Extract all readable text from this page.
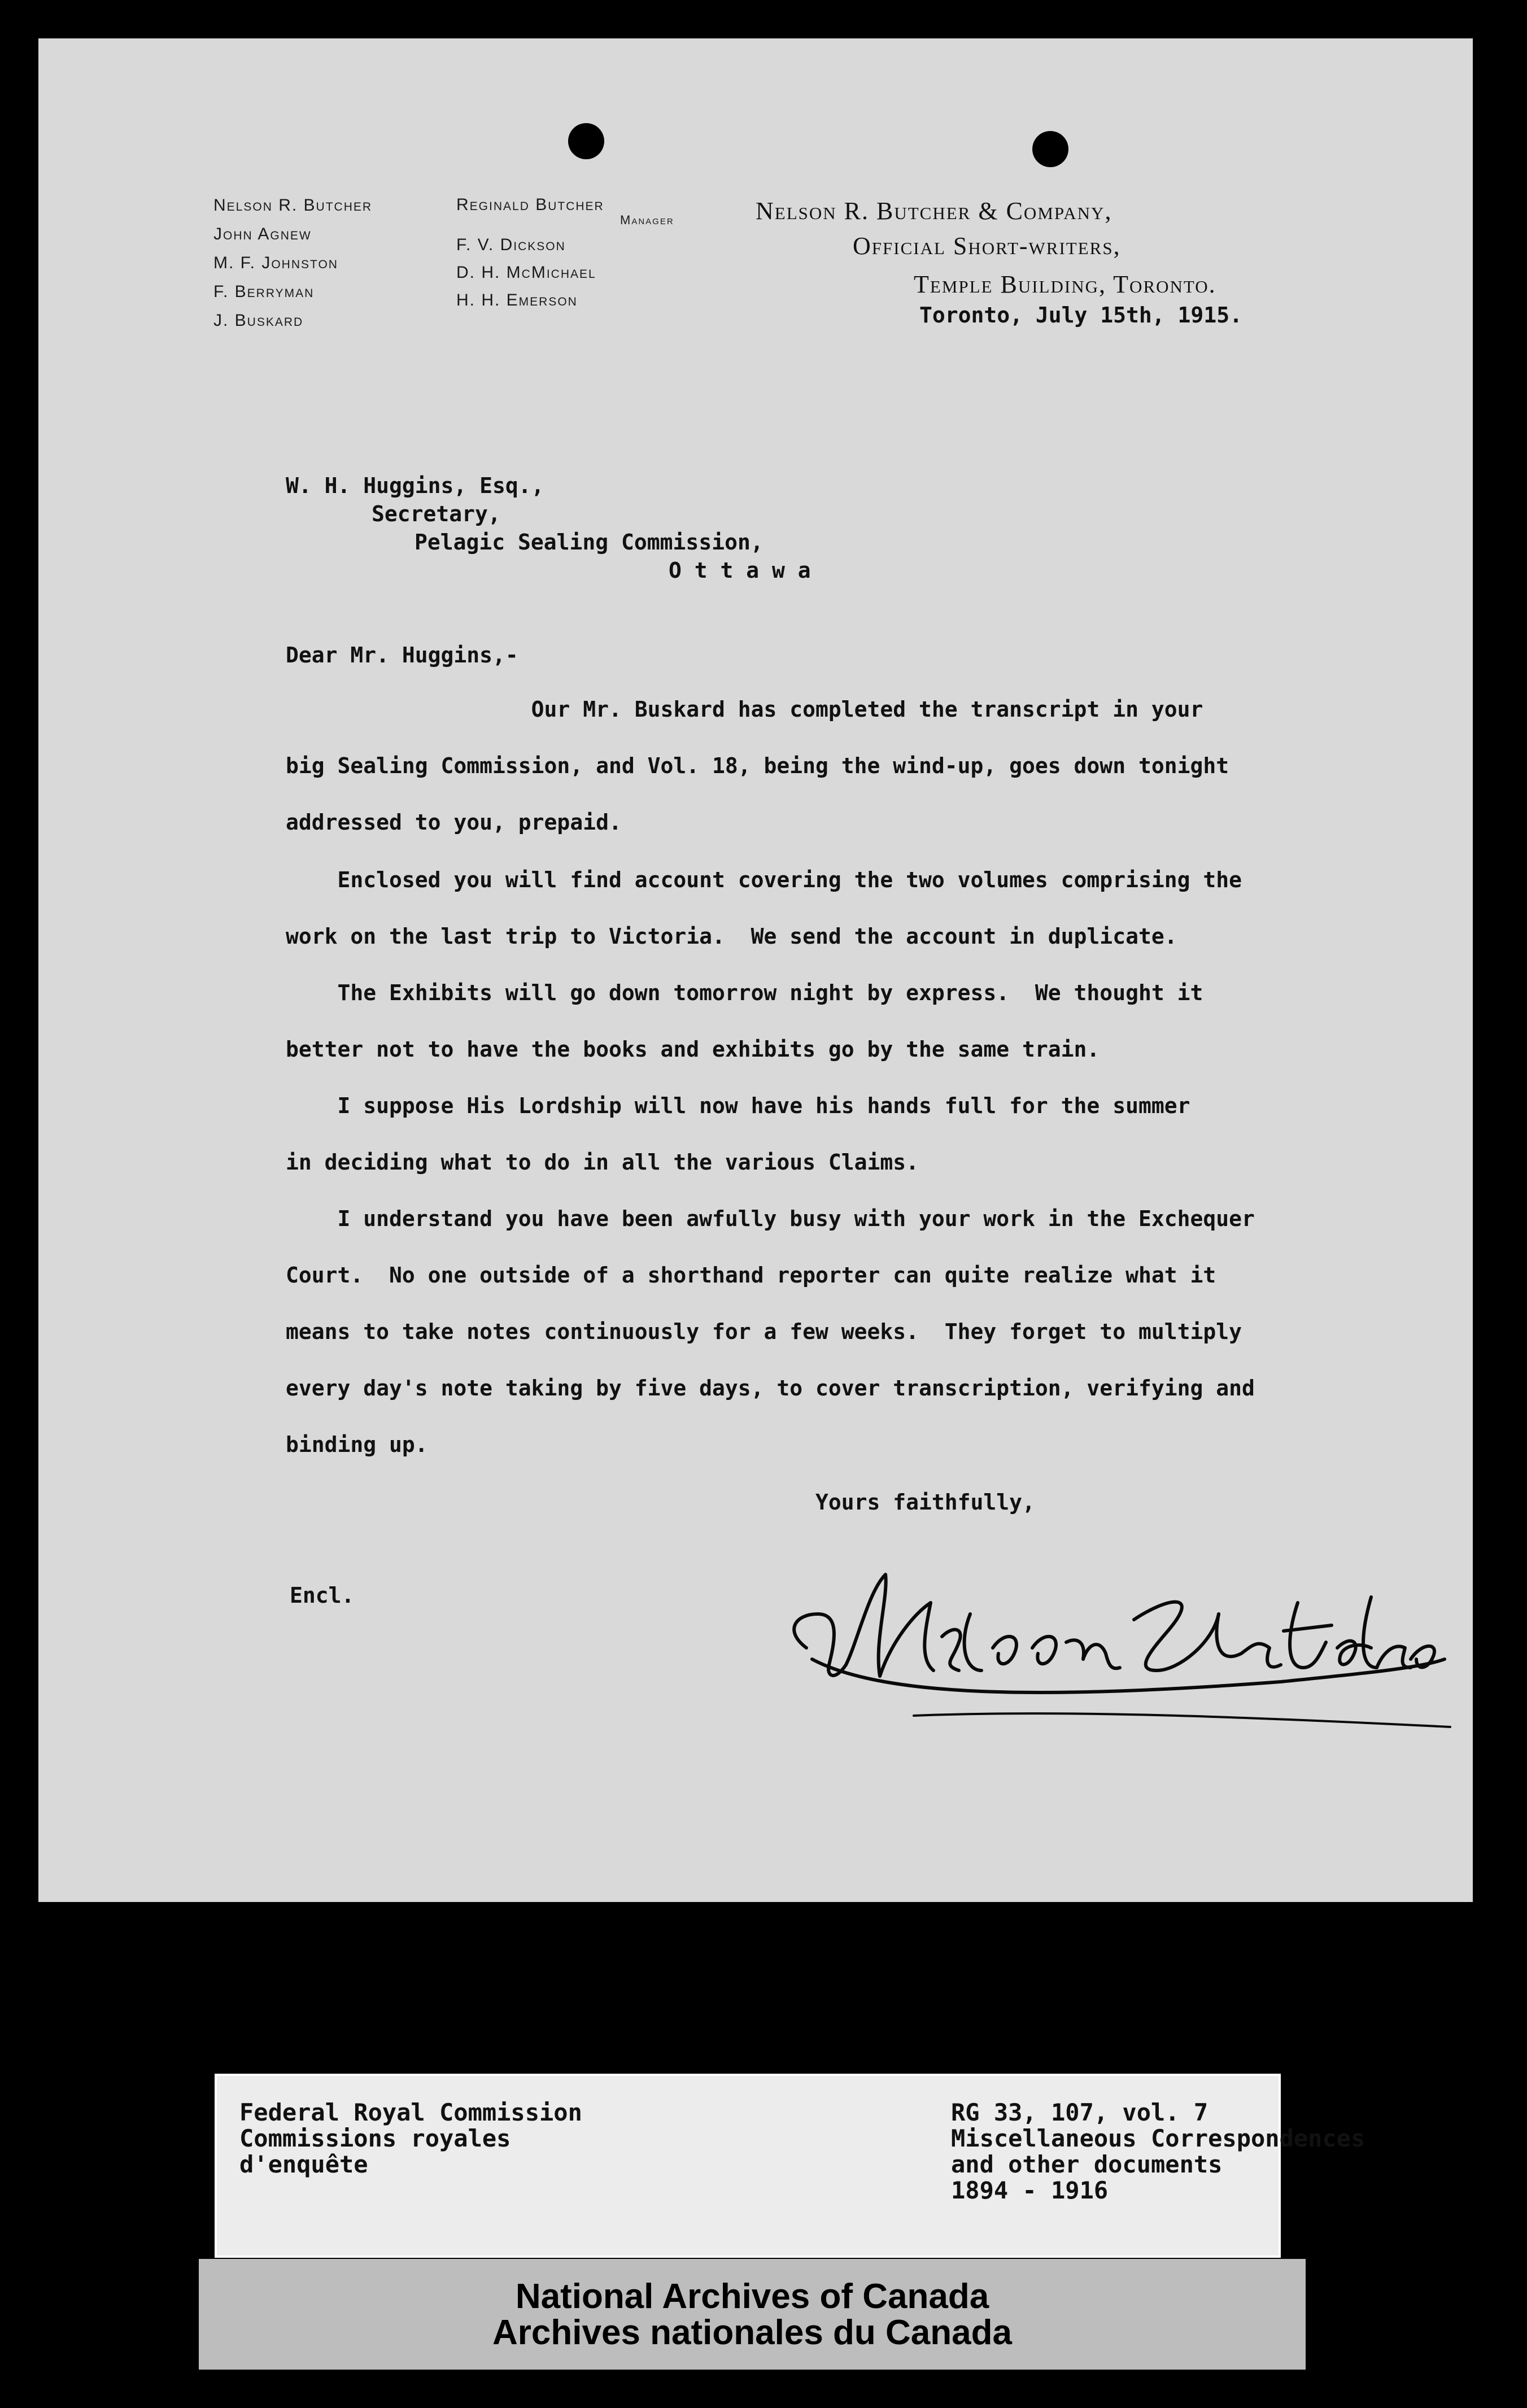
Nelson R. Butcher
John Agnew
M. F. Johnston
F. Berryman
J. Buskard
Reginald Butcher
Manager
F. V. Dickson
D. H. McMichael
H. H. Emerson
Nelson R. Butcher & Company,
Official Short-writers,
Temple Building, Toronto.
Toronto, July 15th, 1915.
W. H. Huggins, Esq.,
Secretary,
Pelagic Sealing Commission,
O t t a w a
Dear Mr. Huggins,-
Our Mr. Buskard has completed the transcript in your
big Sealing Commission, and Vol. 18, being the wind-up, goes down tonight
addressed to you, prepaid.
Enclosed you will find account covering the two volumes comprising the
work on the last trip to Victoria.  We send the account in duplicate.
The Exhibits will go down tomorrow night by express.  We thought it
better not to have the books and exhibits go by the same train.
I suppose His Lordship will now have his hands full for the summer
in deciding what to do in all the various Claims.
I understand you have been awfully busy with your work in the Exchequer
Court.  No one outside of a shorthand reporter can quite realize what it
means to take notes continuously for a few weeks.  They forget to multiply
every day's note taking by five days, to cover transcription, verifying and
binding up.
Yours faithfully,
Encl.
Federal Royal Commission
Commissions royales
d'enquête
RG 33, 107, vol. 7
Miscellaneous Correspondences
and other documents
1894 - 1916
National Archives of Canada
Archives nationales du Canada
